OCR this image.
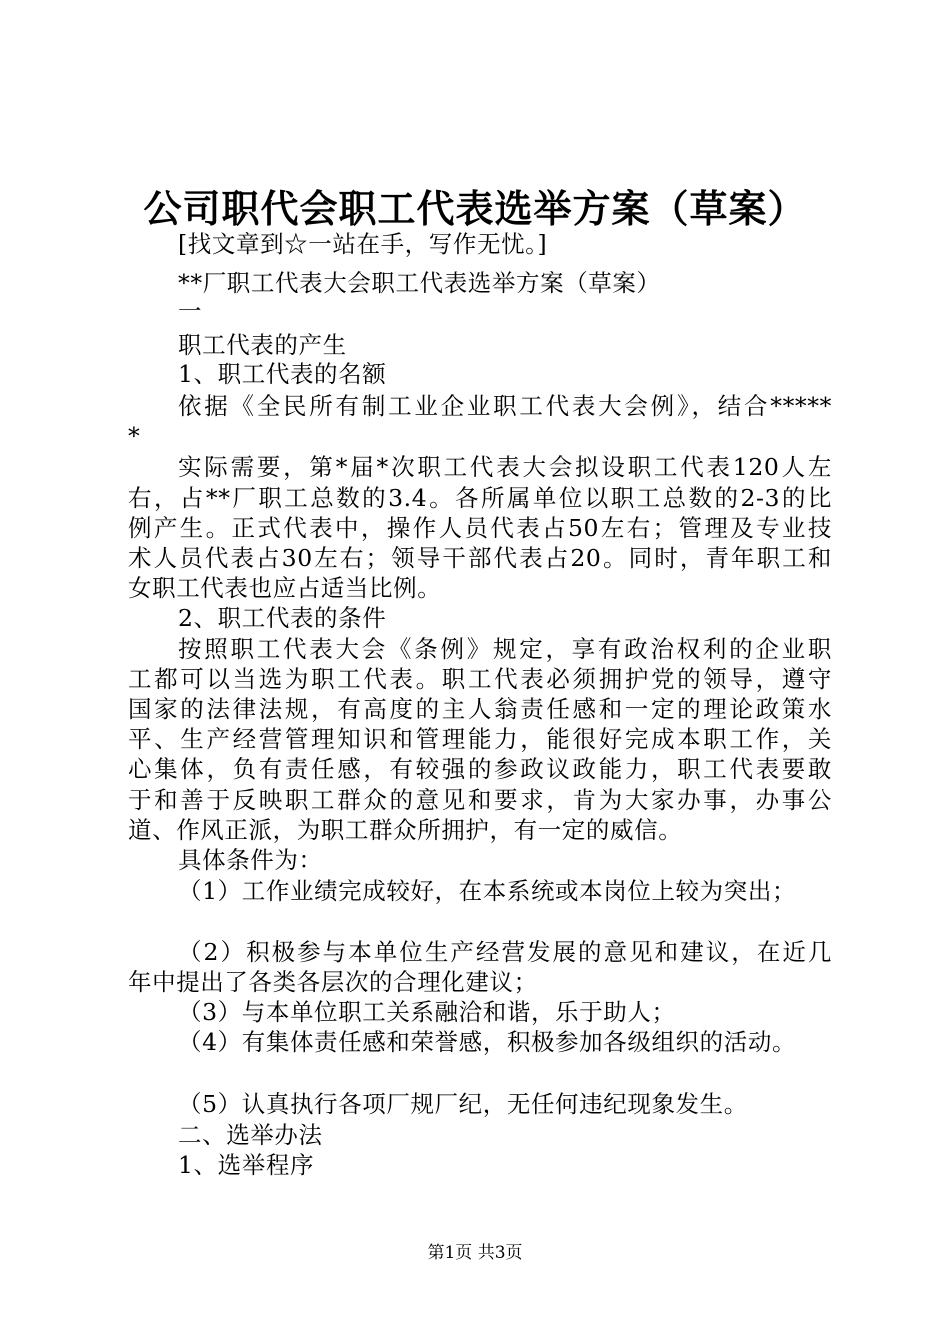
公司职代会职工代表选举方案（草案）
[找文章到☆一站在手，写作无忧。]
**厂职工代表大会职工代表选举方案（草案）
一
职工代表的产生
1、职工代表的名额
依据《全民所有制工业企业职工代表大会例》，结合*****
*
实际需要，第*届*次职工代表大会拟设职工代表120人左
右，占**厂职工总数的3.4。各所属单位以职工总数的2-3的比
例产生。正式代表中，操作人员代表占50左右；管理及专业技
术人员代表占30左右；领导干部代表占20。同时，青年职工和
女职工代表也应占适当比例。
2、职工代表的条件
按照职工代表大会《条例》规定，享有政治权利的企业职
工都可以当选为职工代表。职工代表必须拥护党的领导，遵守
国家的法律法规，有高度的主人翁责任感和一定的理论政策水
平、生产经营管理知识和管理能力，能很好完成本职工作，关
心集体，负有责任感，有较强的参政议政能力，职工代表要敢
于和善于反映职工群众的意见和要求，肯为大家办事，办事公
道、作风正派，为职工群众所拥护，有一定的威信。
具体条件为：
（1）工作业绩完成较好，在本系统或本岗位上较为突出；
（2）积极参与本单位生产经营发展的意见和建议，在近几
年中提出了各类各层次的合理化建议；
（3）与本单位职工关系融洽和谐，乐于助人；
（4）有集体责任感和荣誉感，积极参加各级组织的活动。
（5）认真执行各项厂规厂纪，无任何违纪现象发生。
二、选举办法
1、选举程序
第1页 共3页
